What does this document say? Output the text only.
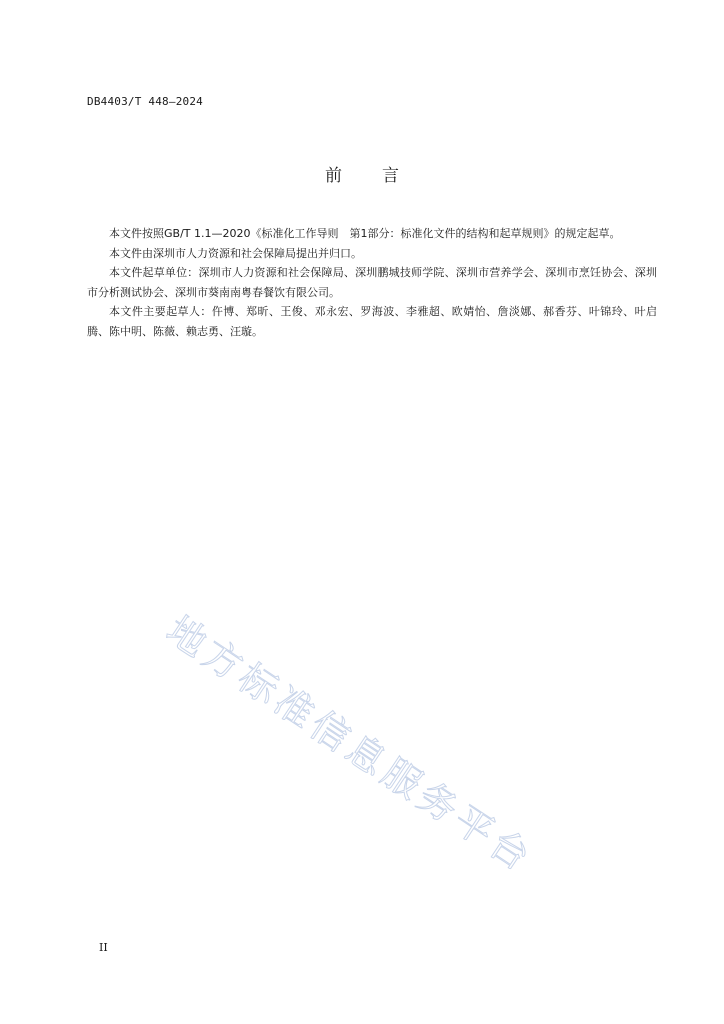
DB4403/T 448—2024
前言

本文件按照GB/T 1.1—2020《标准化工作导则　第1部分：标准化文件的结构和起草规则》的规定起草。

本文件由深圳市人力资源和社会保障局提出并归口。

本文件起草单位：深圳市人力资源和社会保障局、深圳鹏城技师学院、深圳市营养学会、深圳市烹饪协会、深圳市分析测试协会、深圳市葵南南粤春餐饮有限公司。

本文件主要起草人：仵博、郑昕、王俊、邓永宏、罗海波、李雅超、欧婧怡、詹淡娜、郝香芬、叶锦玲、叶启腾、陈中明、陈薇、赖志勇、汪璇。

地方标准信息服务平台
II
